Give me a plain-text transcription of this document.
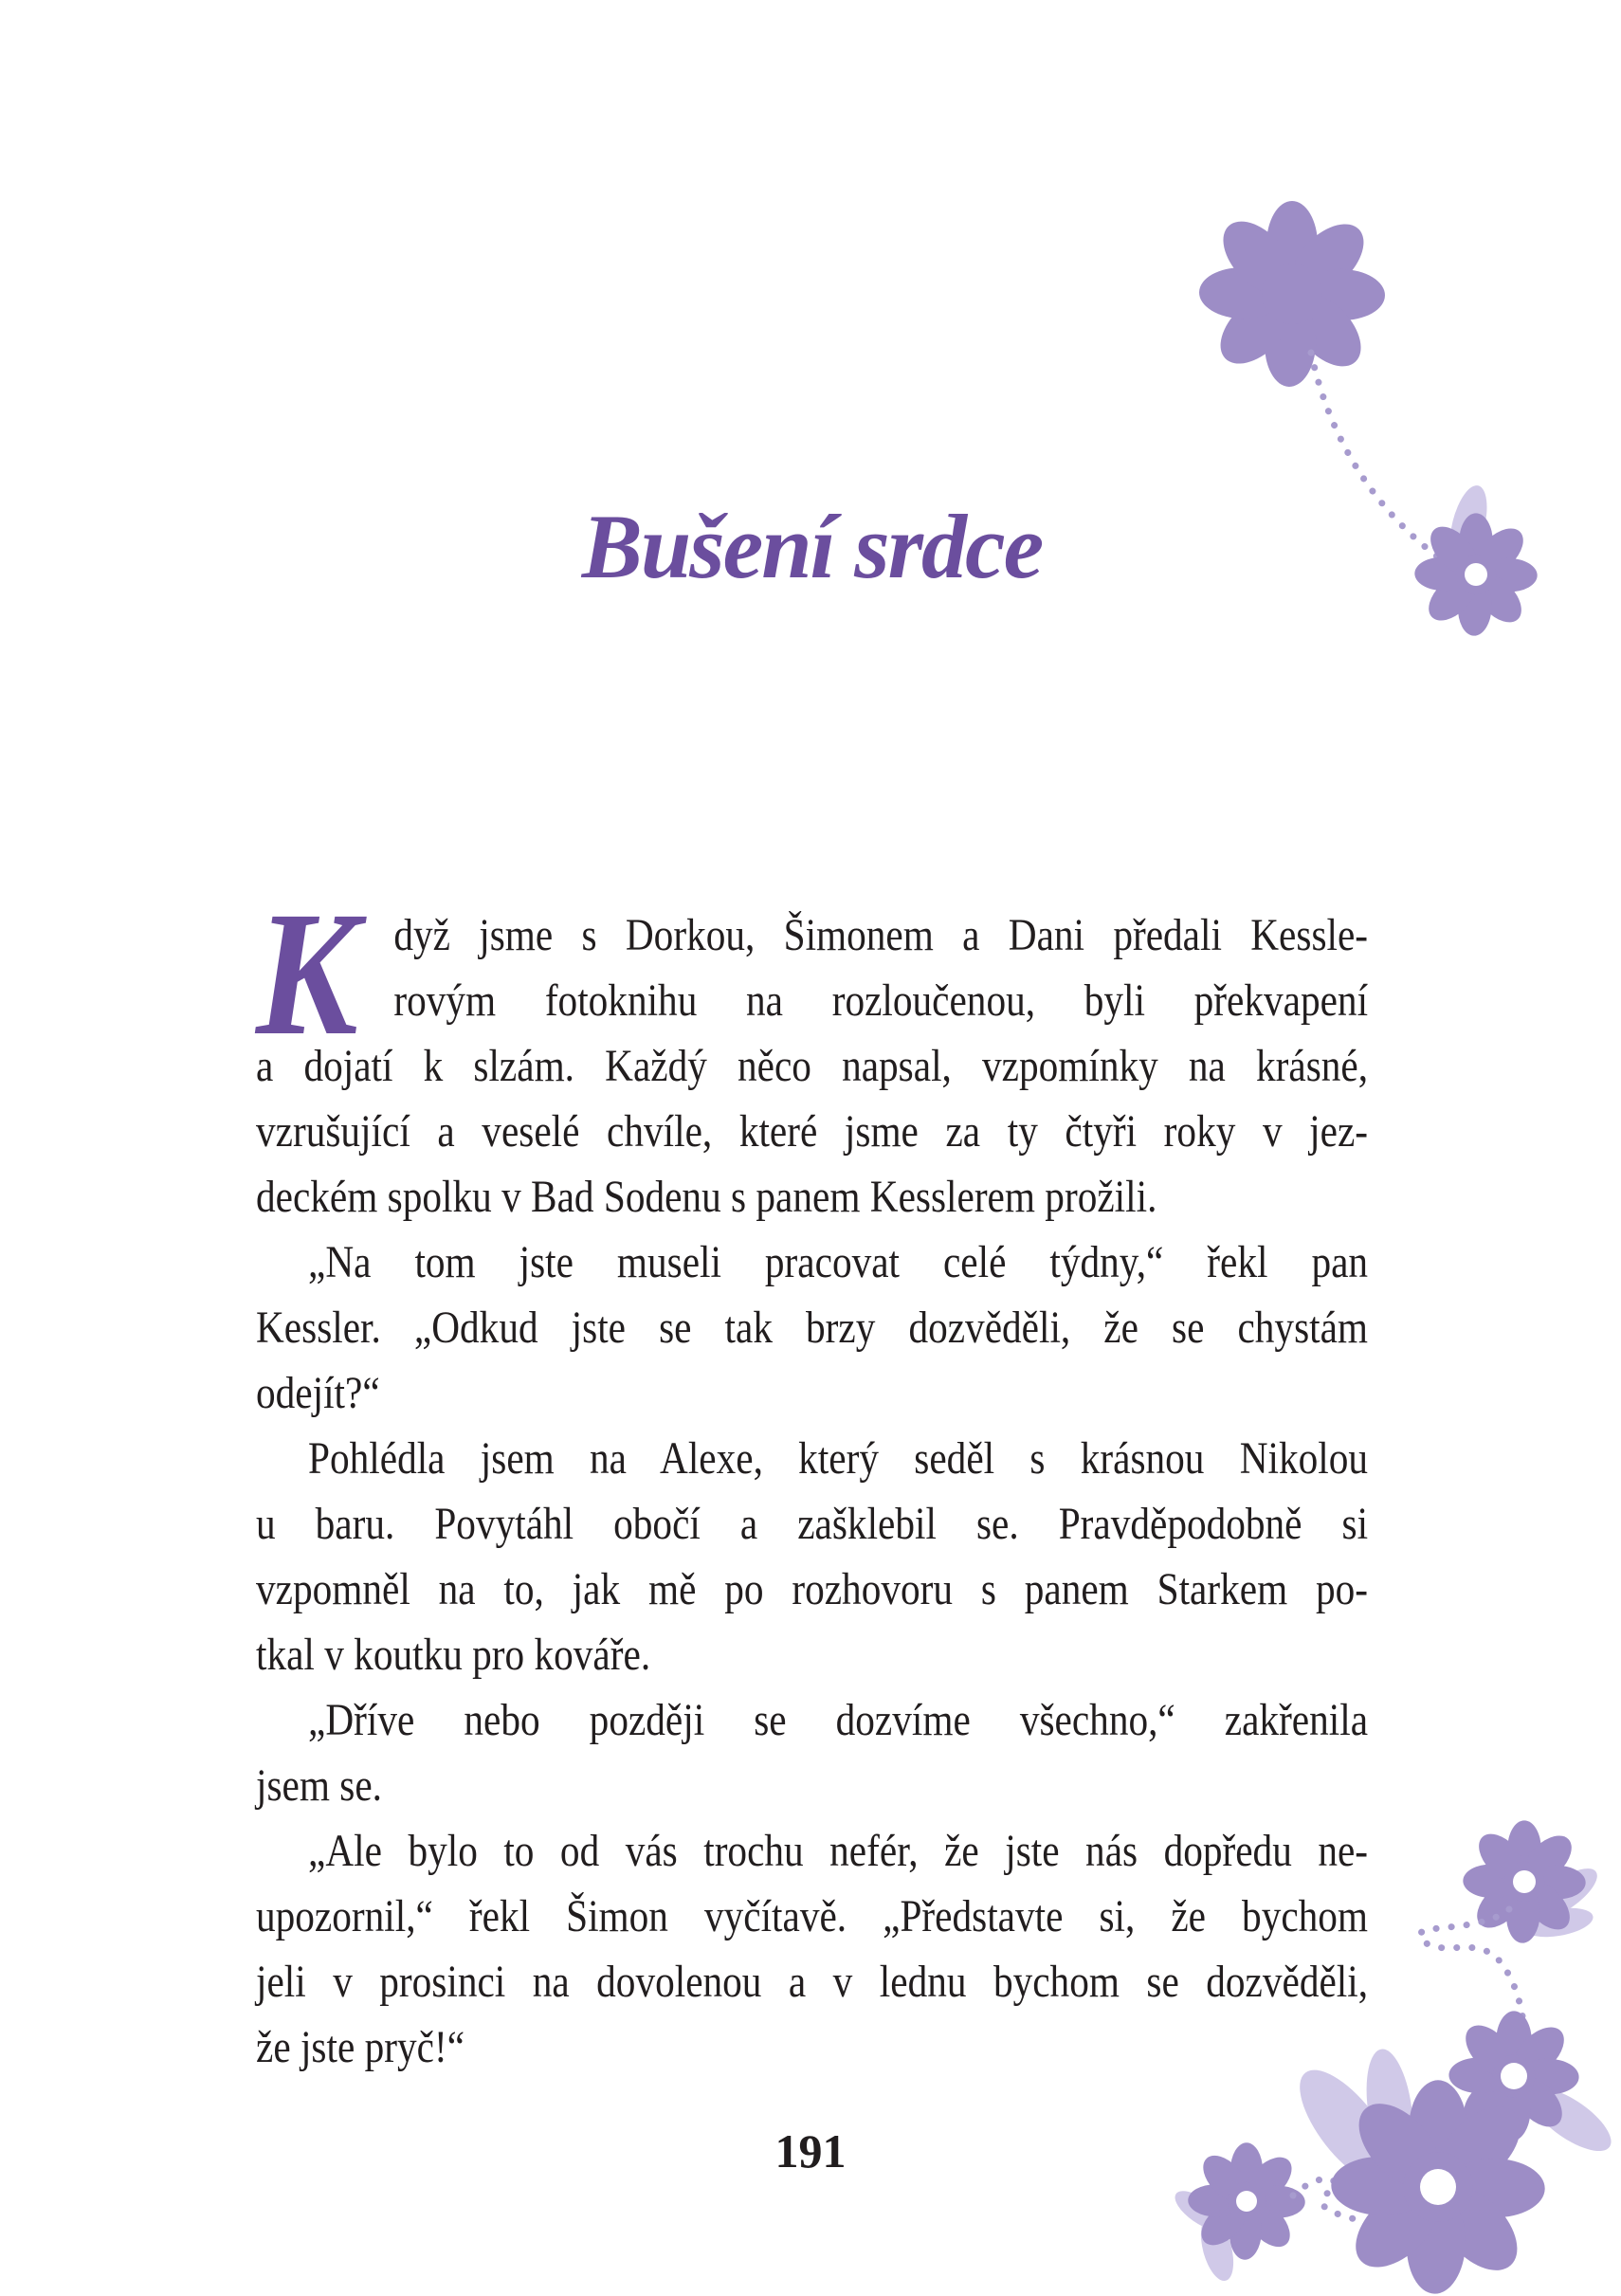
Bušení srdce
K dyž jsme s Dorkou, Šimonem a Dani předali Kessle-
rovým fotoknihu na rozloučenou, byli překvapení
a dojatí k slzám. Každý něco napsal, vzpomínky na krásné,
vzrušující a veselé chvíle, které jsme za ty čtyři roky v jez-
deckém spolku v Bad Sodenu s panem Kesslerem prožili.
„Na tom jste museli pracovat celé týdny,“ řekl pan
Kessler. „Odkud jste se tak brzy dozvěděli, že se chystám
odejít?“
Pohlédla jsem na Alexe, který seděl s krásnou Nikolou
u baru. Povytáhl obočí a zašklebil se. Pravděpodobně si
vzpomněl na to, jak mě po rozhovoru s panem Starkem po-
tkal v koutku pro kováře.
„Dříve nebo později se dozvíme všechno,“ zakřenila
jsem se.
„Ale bylo to od vás trochu nefér, že jste nás dopředu ne-
upozornil,“ řekl Šimon vyčítavě. „Představte si, že bychom
jeli v prosinci na dovolenou a v lednu bychom se dozvěděli,
že jste pryč!“
191
